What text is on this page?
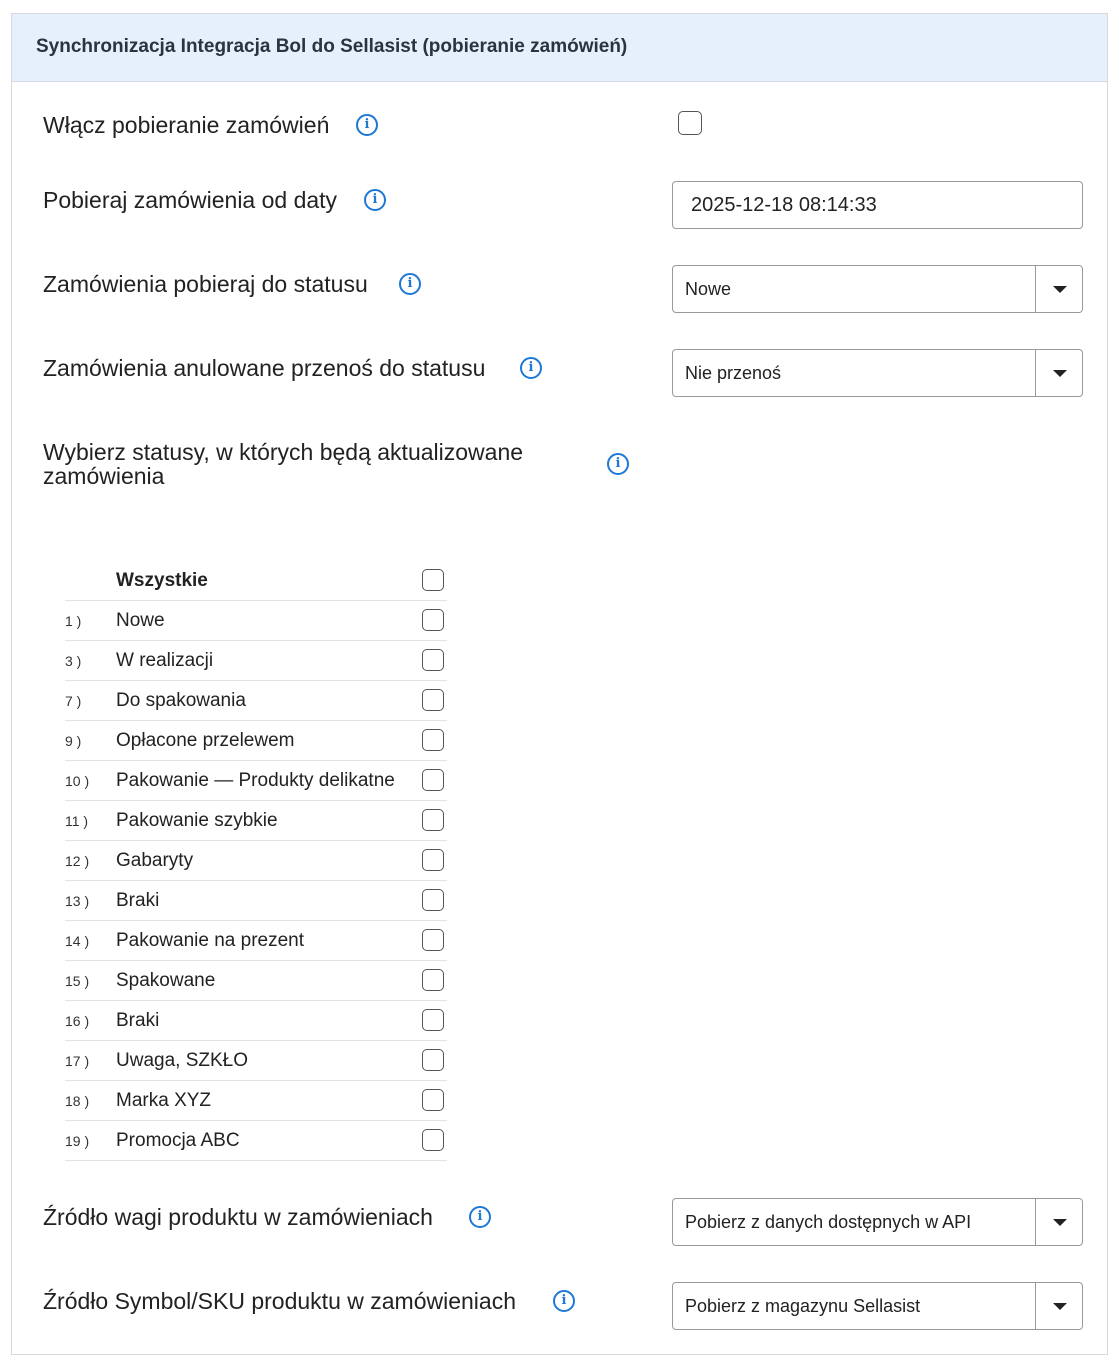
Synchronizacja Integracja Bol do Sellasist (pobieranie zamówień)
Włącz pobieranie zamówień	i
Pobieraj zamówienia od daty	i	2025-12-18 08:14:33
Zamówienia pobieraj do statusu	i	Nowe
Zamówienia anulowane przenoś do statusu	i	Nie przenoś
Wybierz statusy, w których będą aktualizowane zamówienia	i
Wszystkie
1 ) Nowe
3 ) W realizacji
7 ) Do spakowania
9 ) Opłacone przelewem
10 ) Pakowanie — Produkty delikatne
11 ) Pakowanie szybkie
12 ) Gabaryty
13 ) Braki
14 ) Pakowanie na prezent
15 ) Spakowane
16 ) Braki
17 ) Uwaga, SZKŁO
18 ) Marka XYZ
19 ) Promocja ABC
Źródło wagi produktu w zamówieniach	i	Pobierz z danych dostępnych w API
Źródło Symbol/SKU produktu w zamówieniach	i	Pobierz z magazynu Sellasist
